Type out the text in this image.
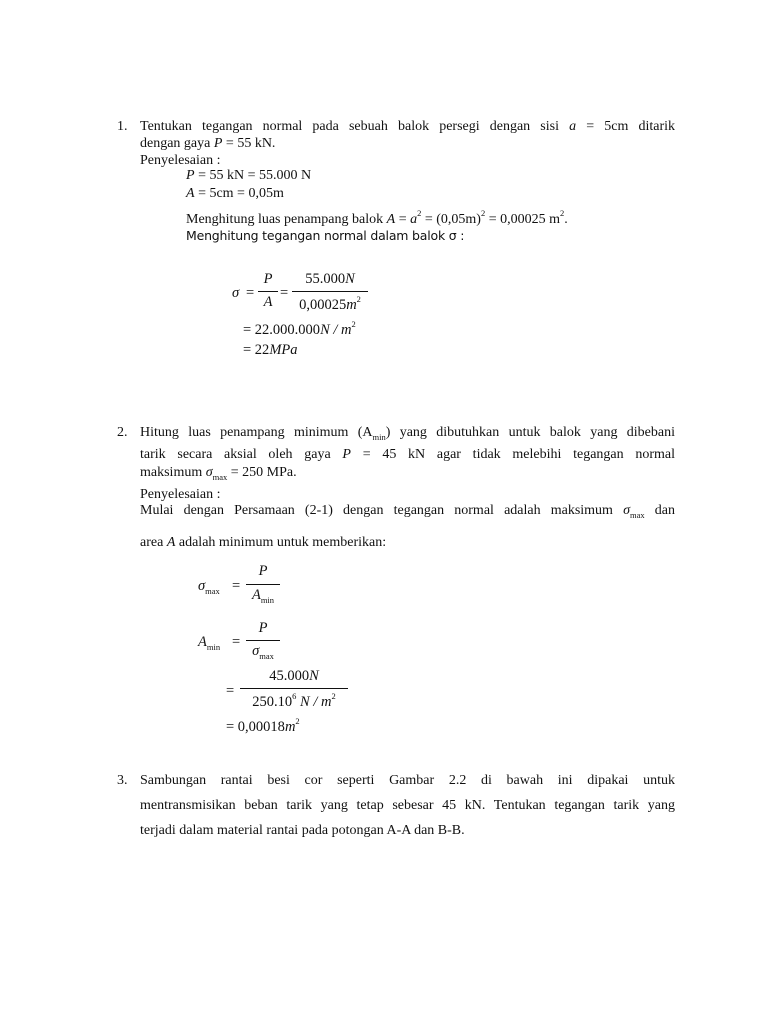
1. Tentukan tegangan normal pada sebuah balok persegi dengan sisi a = 5cm ditarik
dengan gaya P = 55 kN.
Penyelesaian :
P = 55 kN = 55.000 N
A = 5cm = 0,05m
Menghitung luas penampang balok $A = a^2 = (0,05m)^2 = 0,00025$ $m^2$.
Menghitung tegangan normal dalam balok σ :
σ =
P
A
=
55.000N
$0,00025m^2$
= $22.000.000N / m^2$
= 22MPa
2. Hitung luas penampang minimum $(A_{min})$ yang dibutuhkan untuk balok yang dibebani
tarik secara aksial oleh gaya P = 45 kN agar tidak melebihi tegangan normal
maksimum $\sigma_{max} = 250$ MPa.
Penyelesaian :
Mulai dengan Persamaan (2-1) dengan tegangan normal adalah maksimum $\sigma_{max}$ dan
area A adalah minimum untuk memberikan:
$\sigma_{max}$ =
P
$A_{min}$
$A_{min}$ =
P
$\sigma_{max}$
=
45.000N
250.10$^6$ N / $m^2$
= $0,00018m^2$
3. Sambungan rantai besi cor seperti Gambar 2.2 di bawah ini dipakai untuk
mentransmisikan beban tarik yang tetap sebesar 45 kN. Tentukan tegangan tarik yang
terjadi dalam material rantai pada potongan A-A dan B-B.
